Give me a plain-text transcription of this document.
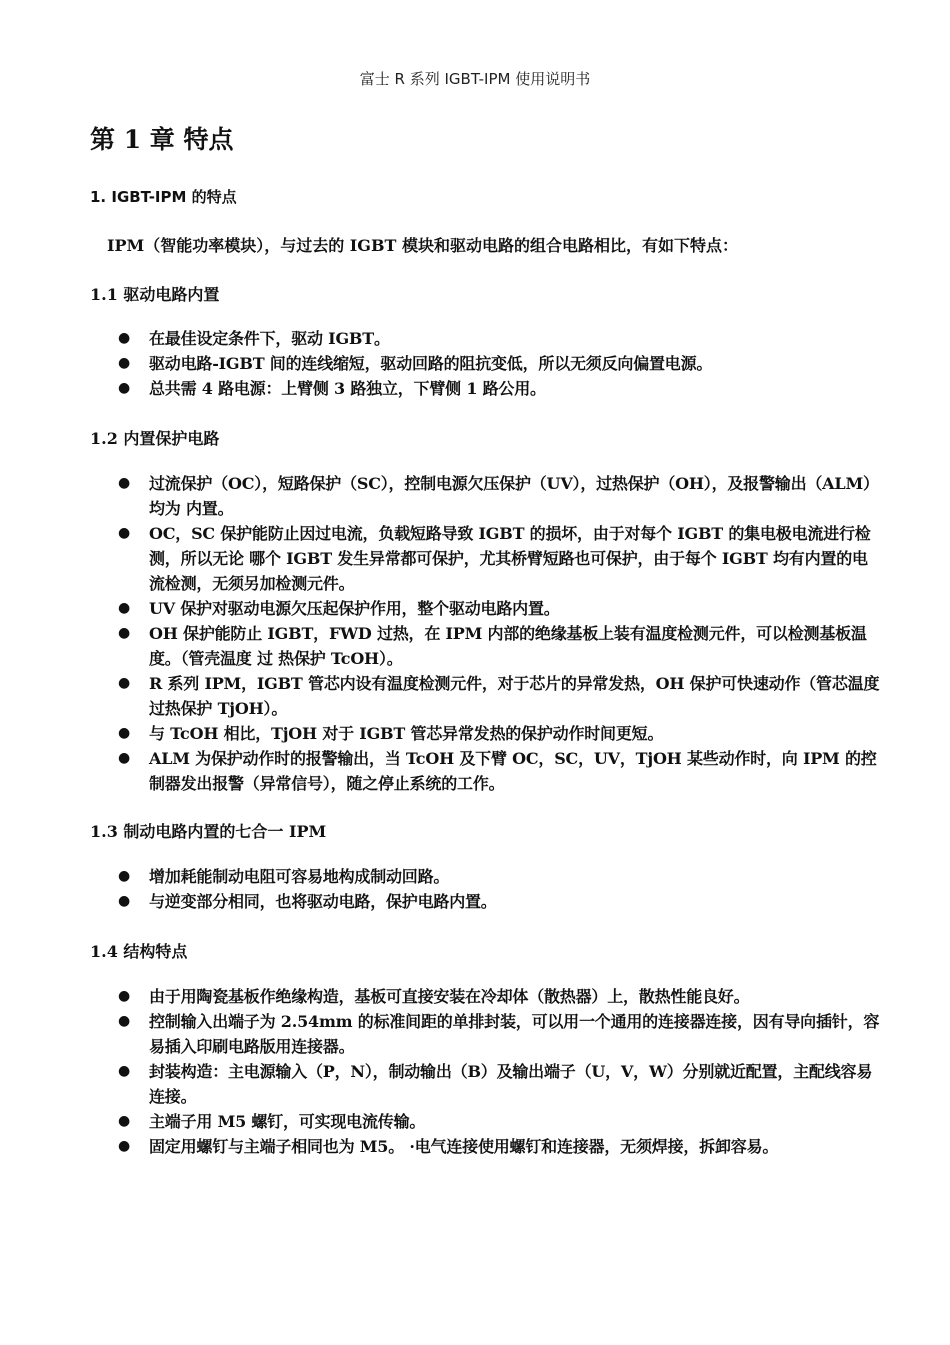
富士 R 系列 IGBT-IPM 使用说明书
第 1 章 特点
1. IGBT-IPM 的特点
IPM（智能功率模块），与过去的 IGBT 模块和驱动电路的组合电路相比，有如下特点：
1.1 驱动电路内置
● 在最佳设定条件下，驱动 IGBT。
● 驱动电路-IGBT 间的连线缩短，驱动回路的阻抗变低，所以无须反向偏置电源。
● 总共需 4 路电源：上臂侧 3 路独立，下臂侧 1 路公用。
1.2 内置保护电路
● 过流保护（OC），短路保护（SC），控制电源欠压保护（UV），过热保护（OH），及报警输出（ALM）均为 内置。
● OC，SC 保护能防止因过电流，负载短路导致 IGBT 的损坏，由于对每个 IGBT 的集电极电流进行检测，所以无论 哪个 IGBT 发生异常都可保护，尤其桥臂短路也可保护，由于每个 IGBT 均有内置的电流检测，无须另加检测元件。
● UV 保护对驱动电源欠压起保护作用，整个驱动电路内置。
● OH 保护能防止 IGBT，FWD 过热，在 IPM 内部的绝缘基板上装有温度检测元件，可以检测基板温度。（管壳温度 过 热保护 TcOH）。
● R 系列 IPM，IGBT 管芯内设有温度检测元件，对于芯片的异常发热，OH 保护可快速动作（管芯温度过热保护 TjOH）。
● 与 TcOH 相比，TjOH 对于 IGBT 管芯异常发热的保护动作时间更短。
● ALM 为保护动作时的报警输出，当 TcOH 及下臂 OC，SC，UV，TjOH 某些动作时，向 IPM 的控制器发出报警（异常信号），随之停止系统的工作。
1.3 制动电路内置的七合一 IPM
● 增加耗能制动电阻可容易地构成制动回路。
● 与逆变部分相同，也将驱动电路，保护电路内置。
1.4 结构特点
● 由于用陶瓷基板作绝缘构造，基板可直接安装在冷却体（散热器）上，散热性能良好。
● 控制输入出端子为 2.54mm 的标准间距的单排封装，可以用一个通用的连接器连接，因有导向插针，容易插入印刷电路版用连接器。
● 封装构造：主电源输入（P，N），制动输出（B）及输出端子（U，V，W）分别就近配置，主配线容易连接。
● 主端子用 M5 螺钉，可实现电流传输。
● 固定用螺钉与主端子相同也为 M5。 ·电气连接使用螺钉和连接器，无须焊接，拆卸容易。
